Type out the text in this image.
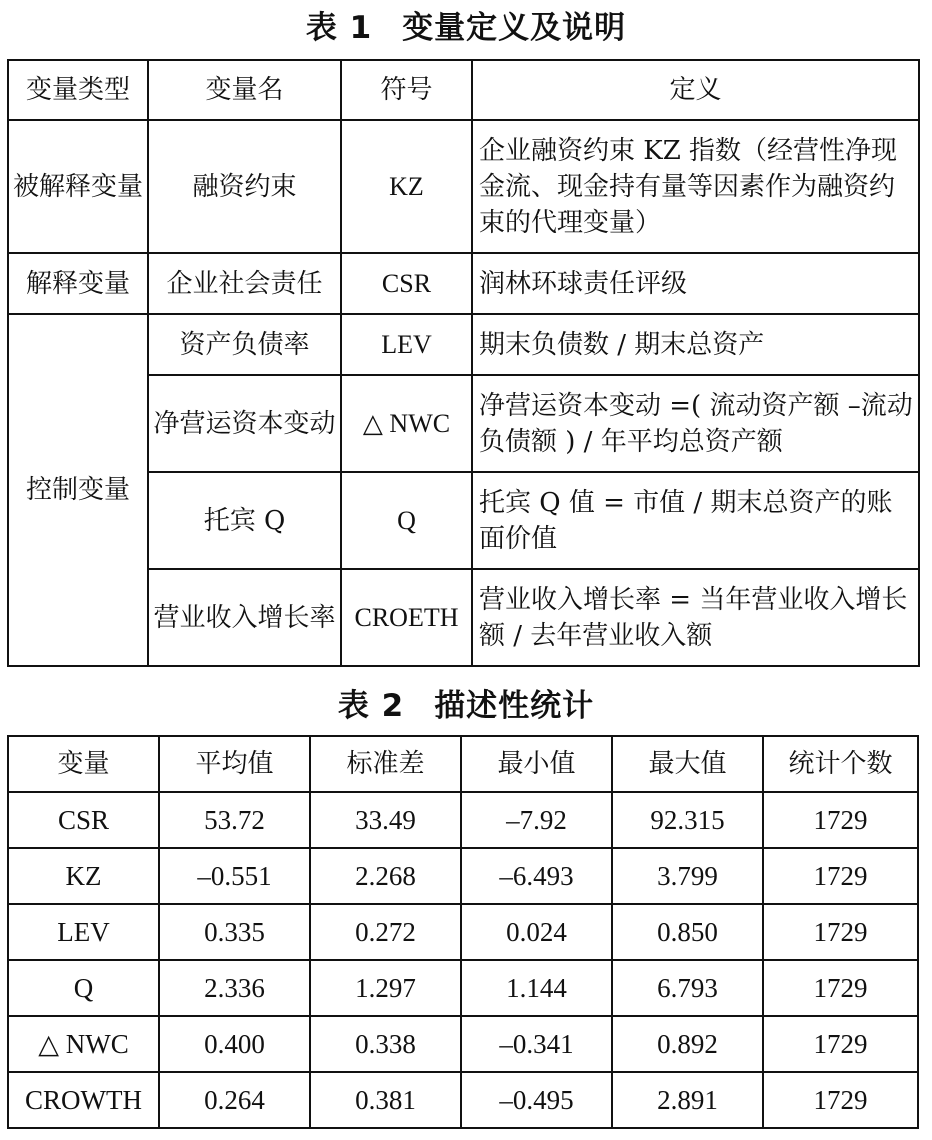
表 1 变量定义及说明
变量类型	变量名	符号	定义
被解释变量	融资约束	KZ	企业融资约束 KZ 指数（经营性净现金流、现金持有量等因素作为融资约束的代理变量）
解释变量	企业社会责任	CSR	润林环球责任评级
控制变量	资产负债率	LEV	期末负债数 / 期末总资产
	净营运资本变动	△ NWC	净营运资本变动 =( 流动资产额 –流动负债额 ) / 年平均总资产额
	托宾 Q	Q	托宾 Q 值 = 市值 / 期末总资产的账面价值
	营业收入增长率	CROETH	营业收入增长率 = 当年营业收入增长额 / 去年营业收入额
表 2 描述性统计
变量	平均值	标准差	最小值	最大值	统计个数
CSR	53.72	33.49	–7.92	92.315	1729
KZ	–0.551	2.268	–6.493	3.799	1729
LEV	0.335	0.272	0.024	0.850	1729
Q	2.336	1.297	1.144	6.793	1729
△ NWC	0.400	0.338	–0.341	0.892	1729
CROWTH	0.264	0.381	–0.495	2.891	1729
